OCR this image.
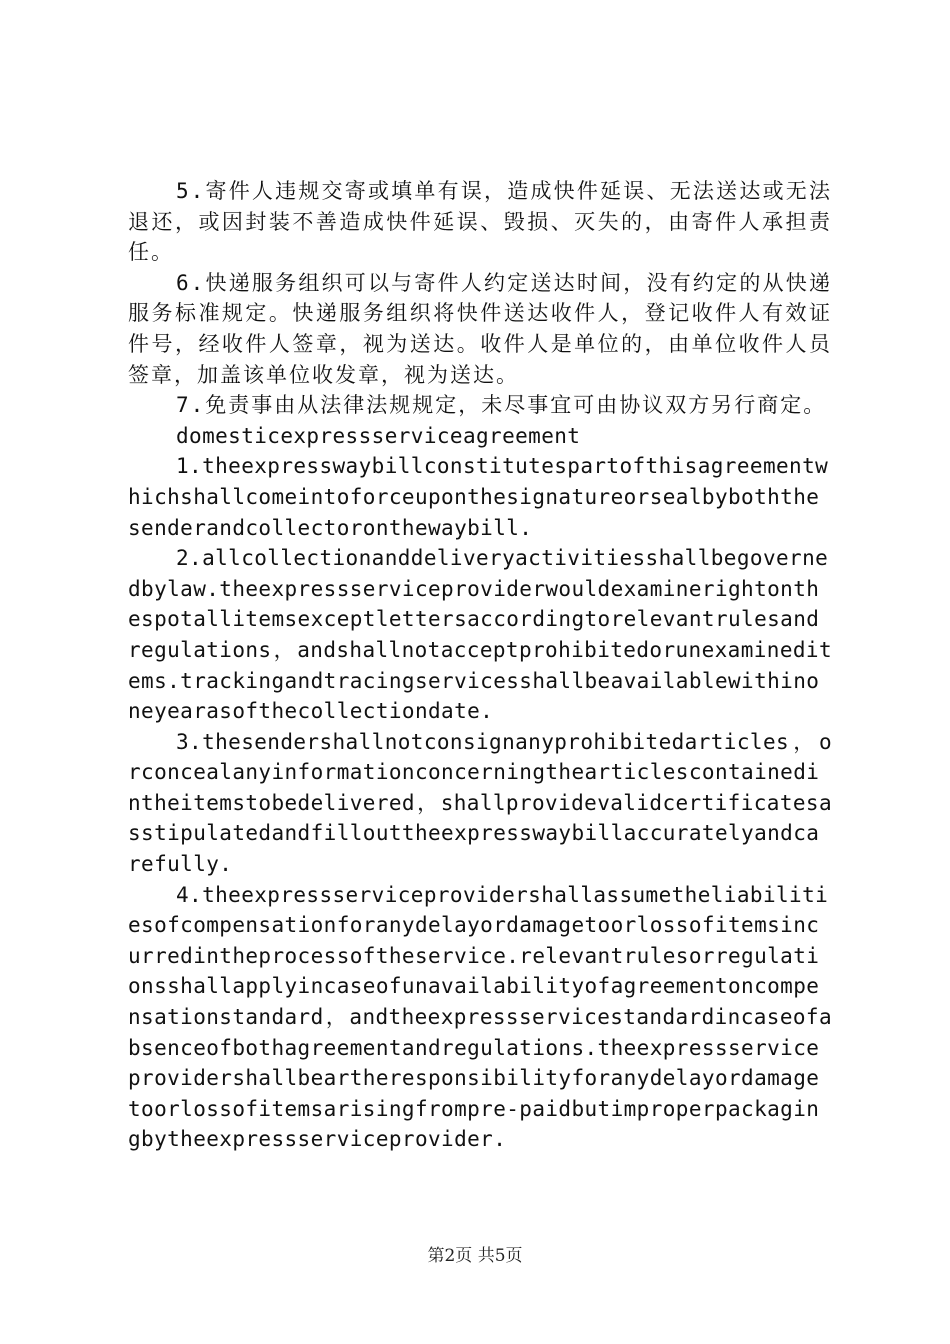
5.寄件人违规交寄或填单有误，造成快件延误、无法送达或无法退还，或因封装不善造成快件延误、毁损、灭失的，由寄件人承担责任。

6.快递服务组织可以与寄件人约定送达时间，没有约定的从快递服务标准规定。快递服务组织将快件送达收件人，登记收件人有效证件号，经收件人签章，视为送达。收件人是单位的，由单位收件人员签章，加盖该单位收发章，视为送达。

7.免责事由从法律法规规定，未尽事宜可由协议双方另行商定。

domesticexpressserviceagreement

1.theexpresswaybillconstitutespartofthisagreementwhichshallcomeintoforceuponthesignatureorsealbyboththesenderandcollectoronthewaybill.

2.allcollectionanddeliveryactivitiesshallbegovernedbylaw.theexpressserviceproviderwouldexaminerightonthespotallitemsexceptlettersaccordingtorelevantrulesandregulations，andshallnotacceptprohibitedorunexamineditems.trackingandtracingservicesshallbeavailablewithinoneyearasofthecollectiondate.

3.thesendershallnotconsignanyprohibitedarticles，orconcealanyinformationconcerningthearticlescontainedintheitemstobedelivered，shallprovidevalidcertificatesasstipulatedandfillouttheexpresswaybillaccuratelyandcarefully.

4.theexpressserviceprovidershallassumetheliabilitiesofcompensationforanydelayordamagetoorlossofitemsincurredintheprocessoftheservice.relevantrulesorregulationsshallapplyincaseofunavailabilityofagreementoncompensationstandard，andtheexpressservicestandardincaseofabsenceofbothagreementandregulations.theexpressserviceprovidershallbeartheresponsibilityforanydelayordamagetoorlossofitemsarisingfrompre-paidbutimproperpackagingbytheexpressserviceprovider.

第2页 共5页
